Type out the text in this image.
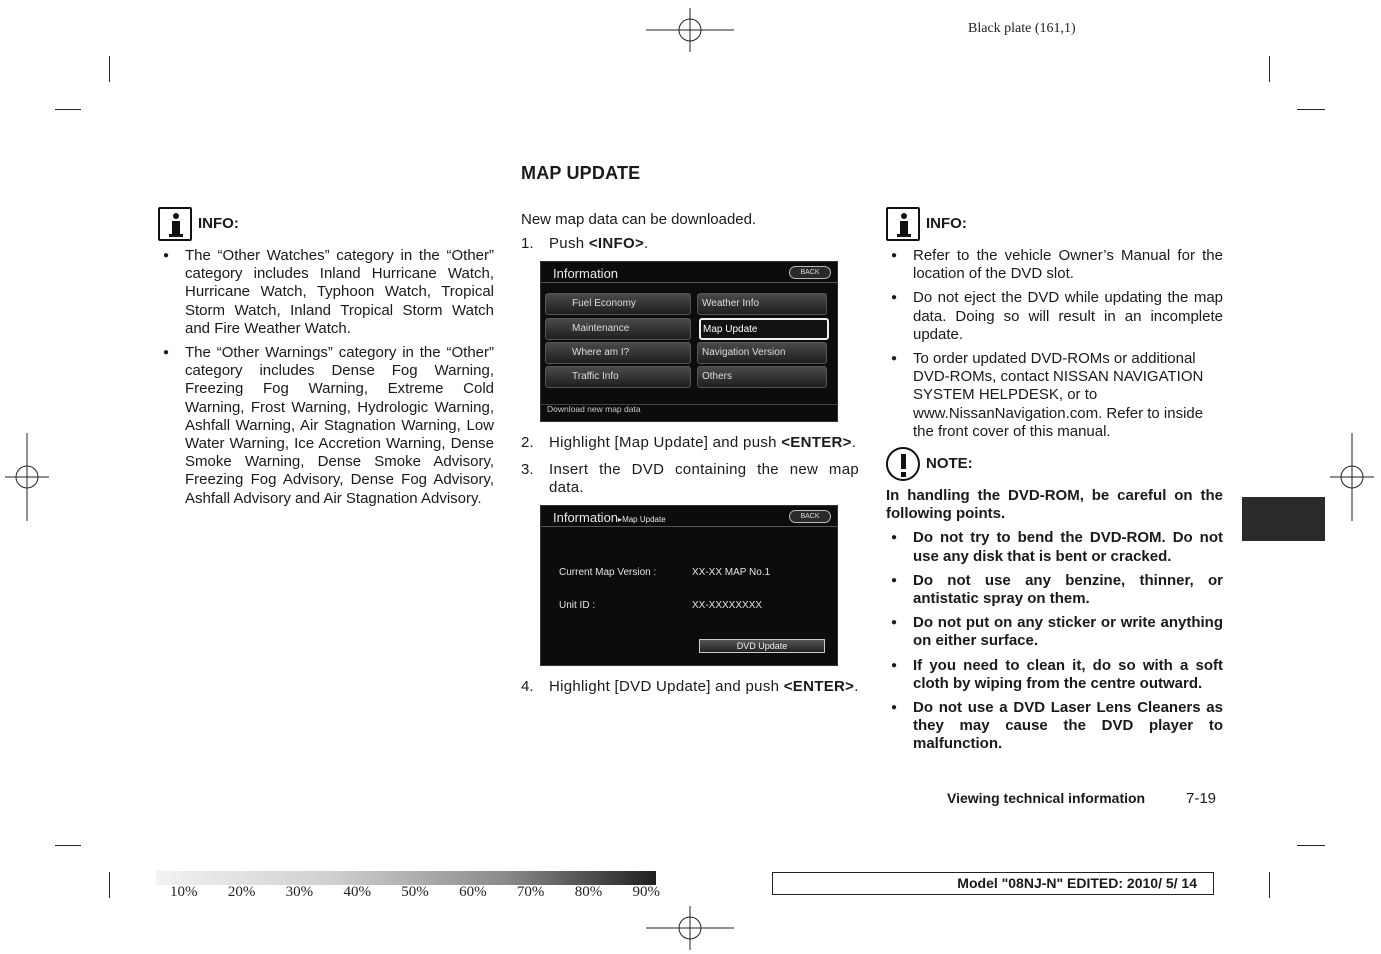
Black plate (161,1)
MAP UPDATE
INFO:
● The “Other Watches” category in the “Other” category includes Inland Hurricane Watch, Hurricane Watch, Typhoon Watch, Tropical Storm Watch, Inland Tropical Storm Watch and Fire Weather Watch.
● The “Other Warnings” category in the “Other” category includes Dense Fog Warning, Freezing Fog Warning, Extreme Cold Warning, Frost Warning, Hydrologic Warning, Ashfall Warning, Air Stagnation Warning, Low Water Warning, Ice Accretion Warning, Dense Smoke Warning, Dense Smoke Advisory, Freezing Fog Advisory, Dense Fog Advisory, Ashfall Advisory and Air Stagnation Advisory.
New map data can be downloaded.
1.	Push <INFO>.
Information	BACK
Fuel Economy
Maintenance
Where am I?
Traffic Info
Weather Info
Map Update
Navigation Version
Others
Download new map data
2.	Highlight [Map Update] and push <ENTER>.
3.	Insert the DVD containing the new map data.
Information▸Map Update	BACK
Current Map Version :	XX-XX MAP No.1
Unit ID :	XX-XXXXXXXX
DVD Update
4.	Highlight [DVD Update] and push <ENTER>.
INFO:
● Refer to the vehicle Owner’s Manual for the location of the DVD slot.
● Do not eject the DVD while updating the map data. Doing so will result in an incomplete update.
● To order updated DVD-ROMs or additional DVD-ROMs, contact NISSAN NAVIGATION SYSTEM HELPDESK, or to www.NissanNavigation.com. Refer to inside the front cover of this manual.
NOTE:
In handling the DVD-ROM, be careful on the following points.
● Do not try to bend the DVD-ROM. Do not use any disk that is bent or cracked.
● Do not use any benzine, thinner, or antistatic spray on them.
● Do not put on any sticker or write anything on either surface.
● If you need to clean it, do so with a soft cloth by wiping from the centre outward.
● Do not use a DVD Laser Lens Cleaners as they may cause the DVD player to malfunction.
Viewing technical information	7-19
10% 20% 30% 40% 50% 60% 70% 80% 90%
Model "08NJ-N" EDITED: 2010/ 5/ 14
